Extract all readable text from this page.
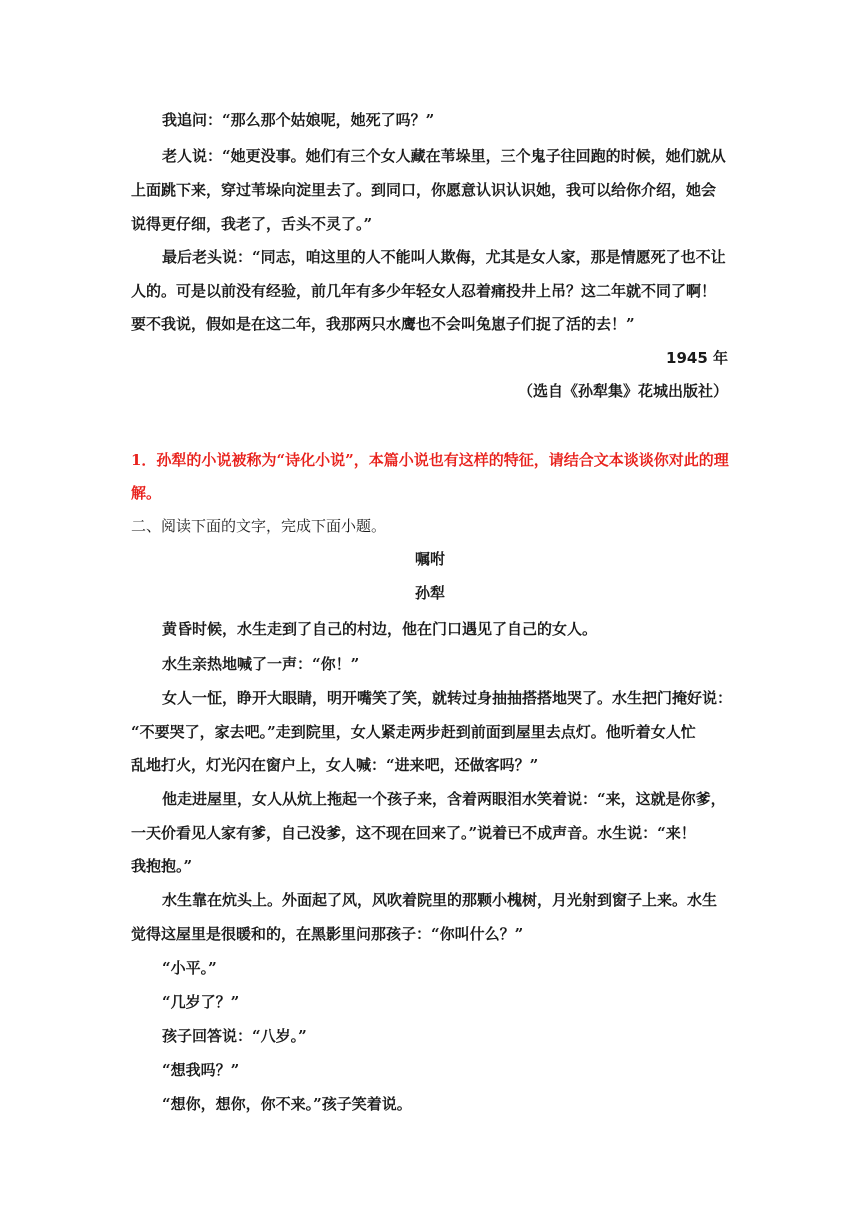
我追问：“那么那个姑娘呢，她死了吗？”
老人说：“她更没事。她们有三个女人藏在苇垛里，三个鬼子往回跑的时候，她们就从
上面跳下来，穿过苇垛向淀里去了。到同口，你愿意认识认识她，我可以给你介绍，她会
说得更仔细，我老了，舌头不灵了。”
最后老头说：“同志，咱这里的人不能叫人欺侮，尤其是女人家，那是情愿死了也不让
人的。可是以前没有经验，前几年有多少年轻女人忍着痛投井上吊？这二年就不同了啊！
要不我说，假如是在这二年，我那两只水鹰也不会叫兔崽子们捉了活的去！”
1945 年
（选自《孙犁集》花城出版社）
1．孙犁的小说被称为“诗化小说”，本篇小说也有这样的特征，请结合文本谈谈你对此的理
解。
二、阅读下面的文字，完成下面小题。
嘱咐
孙犁
黄昏时候，水生走到了自己的村边，他在门口遇见了自己的女人。
水生亲热地喊了一声：“你！”
女人一怔，睁开大眼睛，明开嘴笑了笑，就转过身抽抽搭搭地哭了。水生把门掩好说：
“不要哭了，家去吧。”走到院里，女人紧走两步赶到前面到屋里去点灯。他听着女人忙
乱地打火，灯光闪在窗户上，女人喊：“进来吧，还做客吗？”
他走进屋里，女人从炕上拖起一个孩子来，含着两眼泪水笑着说：“来，这就是你爹，
一天价看见人家有爹，自己没爹，这不现在回来了。”说着已不成声音。水生说：“来！
我抱抱。”
水生靠在炕头上。外面起了风，风吹着院里的那颗小槐树，月光射到窗子上来。水生
觉得这屋里是很暖和的，在黑影里问那孩子：“你叫什么？”
“小平。”
“几岁了？”
孩子回答说：“八岁。”
“想我吗？”
“想你，想你，你不来。”孩子笑着说。
